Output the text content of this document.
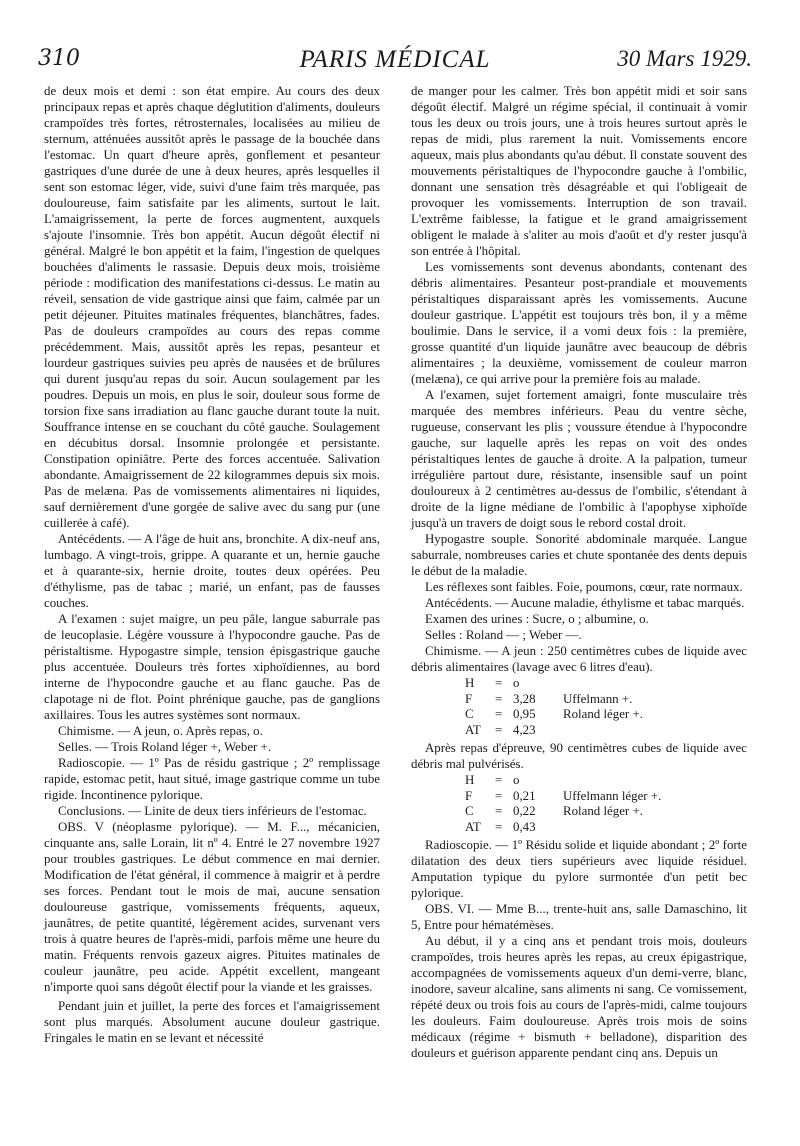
310	PARIS MÉDICAL	30 Mars 1929.

de deux mois et demi : son état empire. Au cours des deux principaux repas et après chaque déglutition d'aliments, douleurs crampoïdes très fortes, rétrosternales, localisées au milieu de sternum, atténuées aussitôt après le passage de la bouchée dans l'estomac. Un quart d'heure après, gonflement et pesanteur gastriques d'une durée de une à deux heures, après lesquelles il sent son estomac léger, vide, suivi d'une faim très marquée, pas douloureuse, faim satisfaite par les aliments, surtout le lait. L'amaigrissement, la perte de forces augmentent, auxquels s'ajoute l'insomnie. Très bon appétit. Aucun dégoût électif ni général. Malgré le bon appétit et la faim, l'ingestion de quelques bouchées d'aliments le rassasie. Depuis deux mois, troisième période : modification des manifestations ci-dessus. Le matin au réveil, sensation de vide gastrique ainsi que faim, calmée par un petit déjeuner. Pituites matinales fréquentes, blanchâtres, fades. Pas de douleurs crampoïdes au cours des repas comme précédemment. Mais, aussitôt après les repas, pesanteur et lourdeur gastriques suivies peu après de nausées et de brûlures qui durent jusqu'au repas du soir. Aucun soulagement par les poudres. Depuis un mois, en plus le soir, douleur sous forme de torsion fixe sans irradiation au flanc gauche durant toute la nuit. Souffrance intense en se couchant du côté gauche. Soulagement en décubitus dorsal. Insomnie prolongée et persistante. Constipation opiniâtre. Perte des forces accentuée. Salivation abondante. Amaigrissement de 22 kilogrammes depuis six mois. Pas de melæna. Pas de vomissements alimentaires ni liquides, sauf dernièrement d'une gorgée de salive avec du sang pur (une cuillerée à café).

Antécédents. — A l'âge de huit ans, bronchite. A dix-neuf ans, lumbago. A vingt-trois, grippe. A quarante et un, hernie gauche et à quarante-six, hernie droite, toutes deux opérées. Peu d'éthylisme, pas de tabac ; marié, un enfant, pas de fausses couches.

A l'examen : sujet maigre, un peu pâle, langue saburrale pas de leucoplasie. Légère voussure à l'hypocondre gauche. Pas de péristaltisme. Hypogastre simple, tension épisgastrique gauche plus accentuée. Douleurs très fortes xiphoïdiennes, au bord interne de l'hypocondre gauche et au flanc gauche. Pas de clapotage ni de flot. Point phrénique gauche, pas de ganglions axillaires. Tous les autres systèmes sont normaux.

Chimisme. — A jeun, o. Après repas, o.

Selles. — Trois Roland léger +, Weber +.

Radioscopie. — 1º Pas de résidu gastrique ; 2º remplissage rapide, estomac petit, haut situé, image gastrique comme un tube rigide. Incontinence pylorique.

Conclusions. — Linite de deux tiers inférieurs de l'estomac.

OBS. V (néoplasme pylorique). — M. F..., mécanicien, cinquante ans, salle Lorain, lit nº 4. Entré le 27 novembre 1927 pour troubles gastriques. Le début commence en mai dernier. Modification de l'état général, il commence à maigrir et à perdre ses forces. Pendant tout le mois de mai, aucune sensation douloureuse gastrique, vomissements fréquents, aqueux, jaunâtres, de petite quantité, légèrement acides, survenant vers trois à quatre heures de l'après-midi, parfois même une heure du matin. Fréquents renvois gazeux aigres. Pituites matinales de couleur jaunâtre, peu acide. Appétit excellent, mangeant n'importe quoi sans dégoût électif pour la viande et les graisses.

Pendant juin et juillet, la perte des forces et l'amaigrissement sont plus marqués. Absolument aucune douleur gastrique. Fringales le matin en se levant et nécessité

de manger pour les calmer. Très bon appétit midi et soir sans dégoût électif. Malgré un régime spécial, il continuait à vomir tous les deux ou trois jours, une à trois heures surtout après le repas de midi, plus rarement la nuit. Vomissements encore aqueux, mais plus abondants qu'au début. Il constate souvent des mouvements péristaltiques de l'hypocondre gauche à l'ombilic, donnant une sensation très désagréable et qui l'obligeait de provoquer les vomissements. Interruption de son travail. L'extrême faiblesse, la fatigue et le grand amaigrissement obligent le malade à s'aliter au mois d'août et d'y rester jusqu'à son entrée à l'hôpital.

Les vomissements sont devenus abondants, contenant des débris alimentaires. Pesanteur post-prandiale et mouvements péristaltiques disparaissant après les vomissements. Aucune douleur gastrique. L'appétit est toujours très bon, il y a même boulimie. Dans le service, il a vomi deux fois : la première, grosse quantité d'un liquide jaunâtre avec beaucoup de débris alimentaires ; la deuxième, vomissement de couleur marron (melæna), ce qui arrive pour la première fois au malade.

A l'examen, sujet fortement amaigri, fonte musculaire très marquée des membres inférieurs. Peau du ventre sèche, rugueuse, conservant les plis ; voussure étendue à l'hypocondre gauche, sur laquelle après les repas on voit des ondes péristaltiques lentes de gauche à droite. A la palpation, tumeur irrégulière partout dure, résistante, insensible sauf un point douloureux à 2 centimètres au-dessus de l'ombilic, s'étendant à droite de la ligne médiane de l'ombilic à l'apophyse xiphoïde jusqu'à un travers de doigt sous le rebord costal droit.

Hypogastre souple. Sonorité abdominale marquée. Langue saburrale, nombreuses caries et chute spontanée des dents depuis le début de la maladie.

Les réflexes sont faibles. Foie, poumons, cœur, rate normaux.

Antécédents. — Aucune maladie, éthylisme et tabac marqués.

Examen des urines : Sucre, o ; albumine, o.

Selles : Roland — ; Weber —.

Chimisme. — A jeun : 250 centimètres cubes de liquide avec débris alimentaires (lavage avec 6 litres d'eau).

H	=	o	
F	=	3,28	Uffelmann +.
C	=	0,95	Roland léger +.
AT	=	4,23	

Après repas d'épreuve, 90 centimètres cubes de liquide avec débris mal pulvérisés.

H	=	o	
F	=	0,21	Uffelmann léger +.
C	=	0,22	Roland léger +.
AT	=	0,43	

Radioscopie. — 1º Résidu solide et liquide abondant ; 2º forte dilatation des deux tiers supérieurs avec liquide résiduel. Amputation typique du pylore surmontée d'un petit bec pylorique.

OBS. VI. — Mme B..., trente-huit ans, salle Damaschino, lit 5, Entre pour hématémèses.

Au début, il y a cinq ans et pendant trois mois, douleurs crampoïdes, trois heures après les repas, au creux épigastrique, accompagnées de vomissements aqueux d'un demi-verre, blanc, inodore, saveur alcaline, sans aliments ni sang. Ce vomissement, répété deux ou trois fois au cours de l'après-midi, calme toujours les douleurs. Faim douloureuse. Après trois mois de soins médicaux (régime + bismuth + belladone), disparition des douleurs et guérison apparente pendant cinq ans. Depuis un
